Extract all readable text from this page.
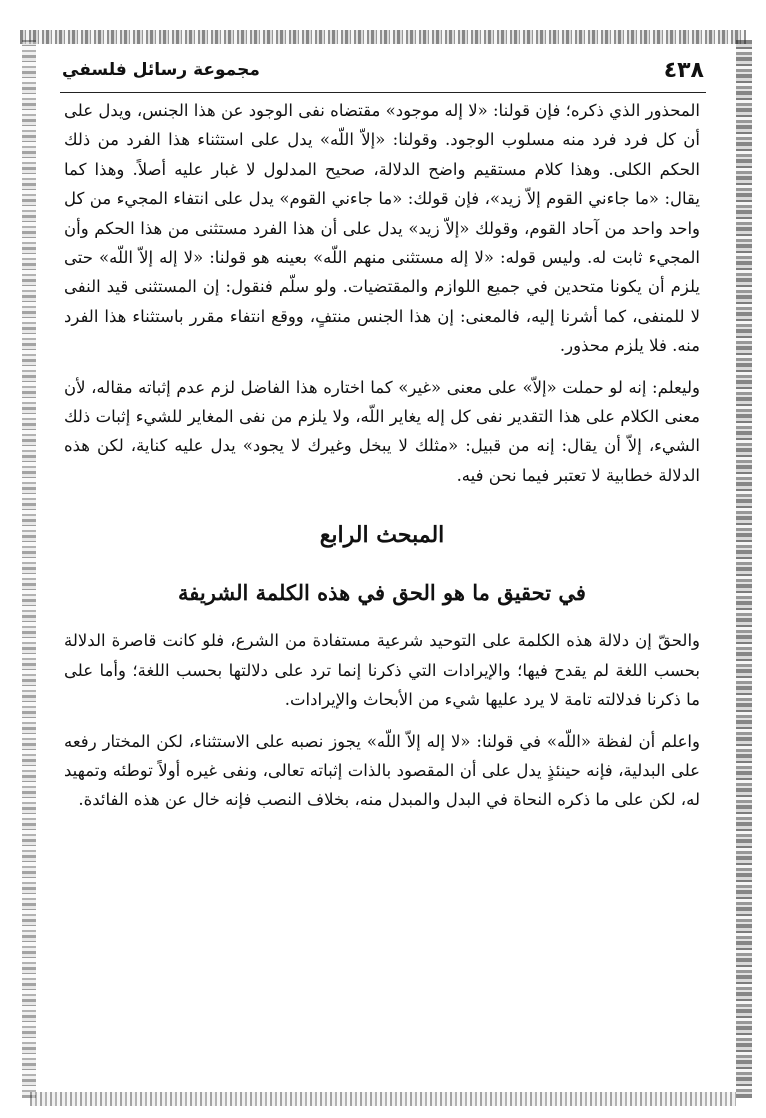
مجموعة رسائل فلسفي	٤٣٨

المحذور الذي ذكره؛ فإن قولنا: «لا إله موجود» مقتضاه نفى الوجود عن هذا الجنس، ويدل على أن كل فرد فرد منه مسلوب الوجود. وقولنا: «إلاّ اللّه» يدل على استثناء هذا الفرد من ذلك الحكم الكلى. وهذا كلام مستقيم واضح الدلالة، صحيح المدلول لا غبار عليه أصلاً. وهذا كما يقال: «ما جاءني القوم إلاّ زيد»، فإن قولك: «ما جاءني القوم» يدل على انتفاء المجيء من كل واحد واحد من آحاد القوم، وقولك «إلاّ زيد» يدل على أن هذا الفرد مستثنى من هذا الحكم وأن المجيء ثابت له. وليس قوله: «لا إله مستثنى منهم اللّه» بعينه هو قولنا: «لا إله إلاّ اللّه» حتى يلزم أن يكونا متحدين في جميع اللوازم والمقتضيات. ولو سلّم فنقول: إن المستثنى قيد النفى لا للمنفى، كما أشرنا إليه، فالمعنى: إن هذا الجنس منتفٍ، ووقع انتفاء مقرر باستثناء هذا الفرد منه. فلا يلزم محذور.

وليعلم: إنه لو حملت «إلاّ» على معنى «غير» كما اختاره هذا الفاضل لزم عدم إثباته مقاله، لأن معنى الكلام على هذا التقدير نفى كل إله يغاير اللّه، ولا يلزم من نفى المغاير للشيء إثبات ذلك الشيء، إلاّ أن يقال: إنه من قبيل: «مثلك لا يبخل وغيرك لا يجود» يدل عليه كناية، لكن هذه الدلالة خطابية لا تعتبر فيما نحن فيه.

المبحث الرابع
في تحقيق ما هو الحق في هذه الكلمة الشريفة

والحقّ إن دلالة هذه الكلمة على التوحيد شرعية مستفادة من الشرع، فلو كانت قاصرة الدلالة بحسب اللغة لم يقدح فيها؛ والإيرادات التي ذكرنا إنما ترد على دلالتها بحسب اللغة؛ وأما على ما ذكرنا فدلالته تامة لا يرد عليها شيء من الأبحاث والإيرادات.

واعلم أن لفظة «اللّه» في قولنا: «لا إله إلاّ اللّه» يجوز نصبه على الاستثناء، لكن المختار رفعه على البدلية، فإنه حينئذٍ يدل على أن المقصود بالذات إثباته تعالى، ونفى غيره أولاً توطئه وتمهيد له، لكن على ما ذكره النحاة في البدل والمبدل منه، بخلاف النصب فإنه خال عن هذه الفائدة.
